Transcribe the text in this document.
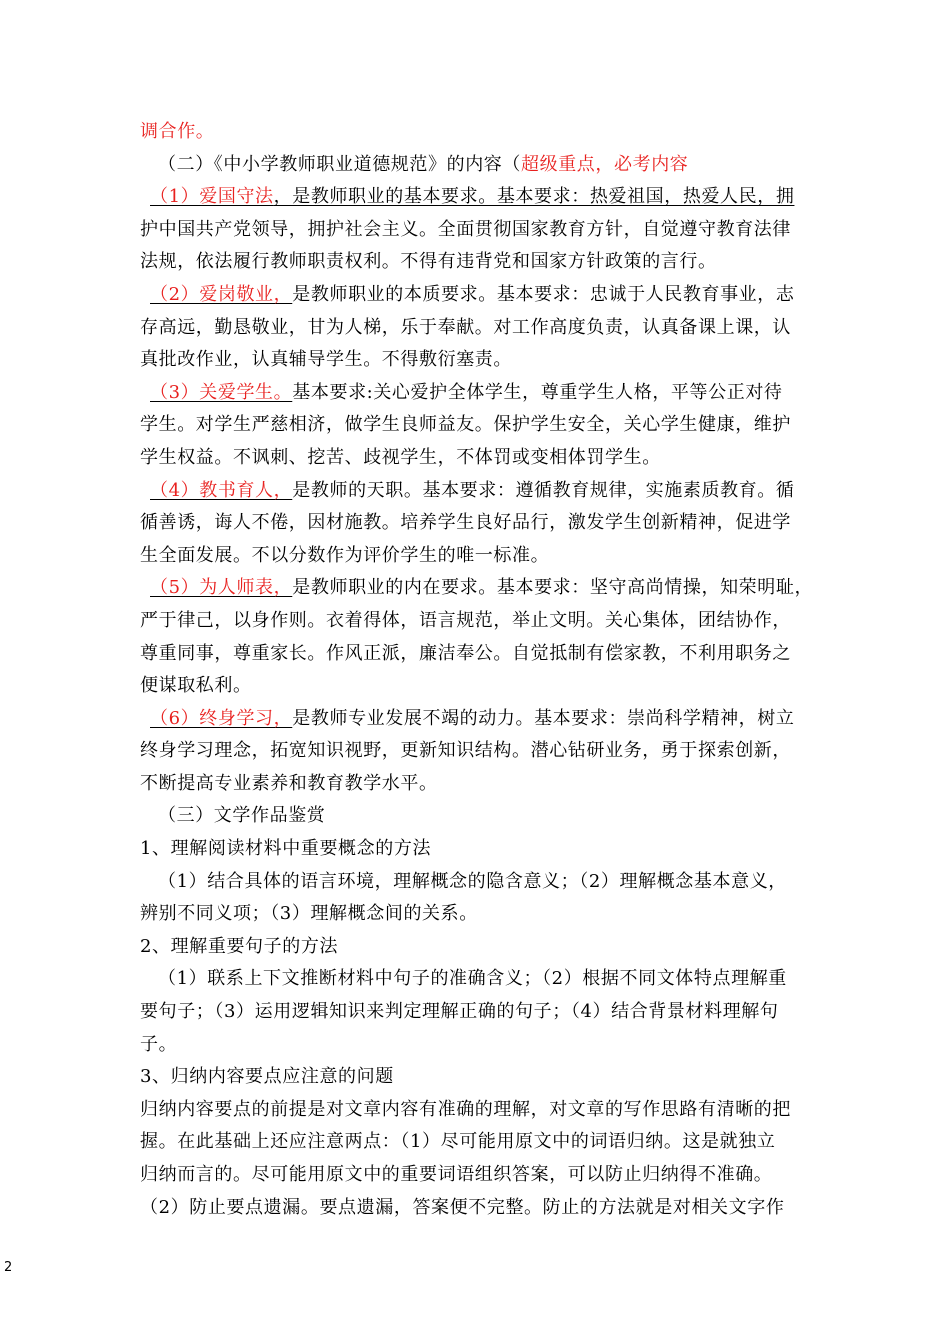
调合作。
（二）《中小学教师职业道德规范》的内容（超级重点，必考内容
（1）爱国守法，是教师职业的基本要求。基本要求：热爱祖国，热爱人民，拥
护中国共产党领导，拥护社会主义。全面贯彻国家教育方针，自觉遵守教育法律
法规，依法履行教师职责权利。不得有违背党和国家方针政策的言行。
（2）爱岗敬业，是教师职业的本质要求。基本要求：忠诚于人民教育事业，志
存高远，勤恳敬业，甘为人梯，乐于奉献。对工作高度负责，认真备课上课，认
真批改作业，认真辅导学生。不得敷衍塞责。
（3）关爱学生。基本要求:关心爱护全体学生，尊重学生人格，平等公正对待
学生。对学生严慈相济，做学生良师益友。保护学生安全，关心学生健康，维护
学生权益。不讽刺、挖苦、歧视学生，不体罚或变相体罚学生。
（4）教书育人，是教师的天职。基本要求：遵循教育规律，实施素质教育。循
循善诱，诲人不倦，因材施教。培养学生良好品行，激发学生创新精神，促进学
生全面发展。不以分数作为评价学生的唯一标准。
（5）为人师表，是教师职业的内在要求。基本要求：坚守高尚情操，知荣明耻，
严于律己，以身作则。衣着得体，语言规范，举止文明。关心集体，团结协作，
尊重同事，尊重家长。作风正派，廉洁奉公。自觉抵制有偿家教，不利用职务之
便谋取私利。
（6）终身学习，是教师专业发展不竭的动力。基本要求：崇尚科学精神，树立
终身学习理念，拓宽知识视野，更新知识结构。潜心钻研业务，勇于探索创新，
不断提高专业素养和教育教学水平。
（三）文学作品鉴赏
1、理解阅读材料中重要概念的方法
（1）结合具体的语言环境，理解概念的隐含意义；（2）理解概念基本意义，
辨别不同义项；（3）理解概念间的关系。
2、理解重要句子的方法
（1）联系上下文推断材料中句子的准确含义；（2）根据不同文体特点理解重
要句子；（3）运用逻辑知识来判定理解正确的句子；（4）结合背景材料理解句
子。
3、归纳内容要点应注意的问题
归纳内容要点的前提是对文章内容有准确的理解，对文章的写作思路有清晰的把
握。在此基础上还应注意两点：（1）尽可能用原文中的词语归纳。这是就独立
归纳而言的。尽可能用原文中的重要词语组织答案，可以防止归纳得不准确。
（2）防止要点遗漏。要点遗漏，答案便不完整。防止的方法就是对相关文字作
2
